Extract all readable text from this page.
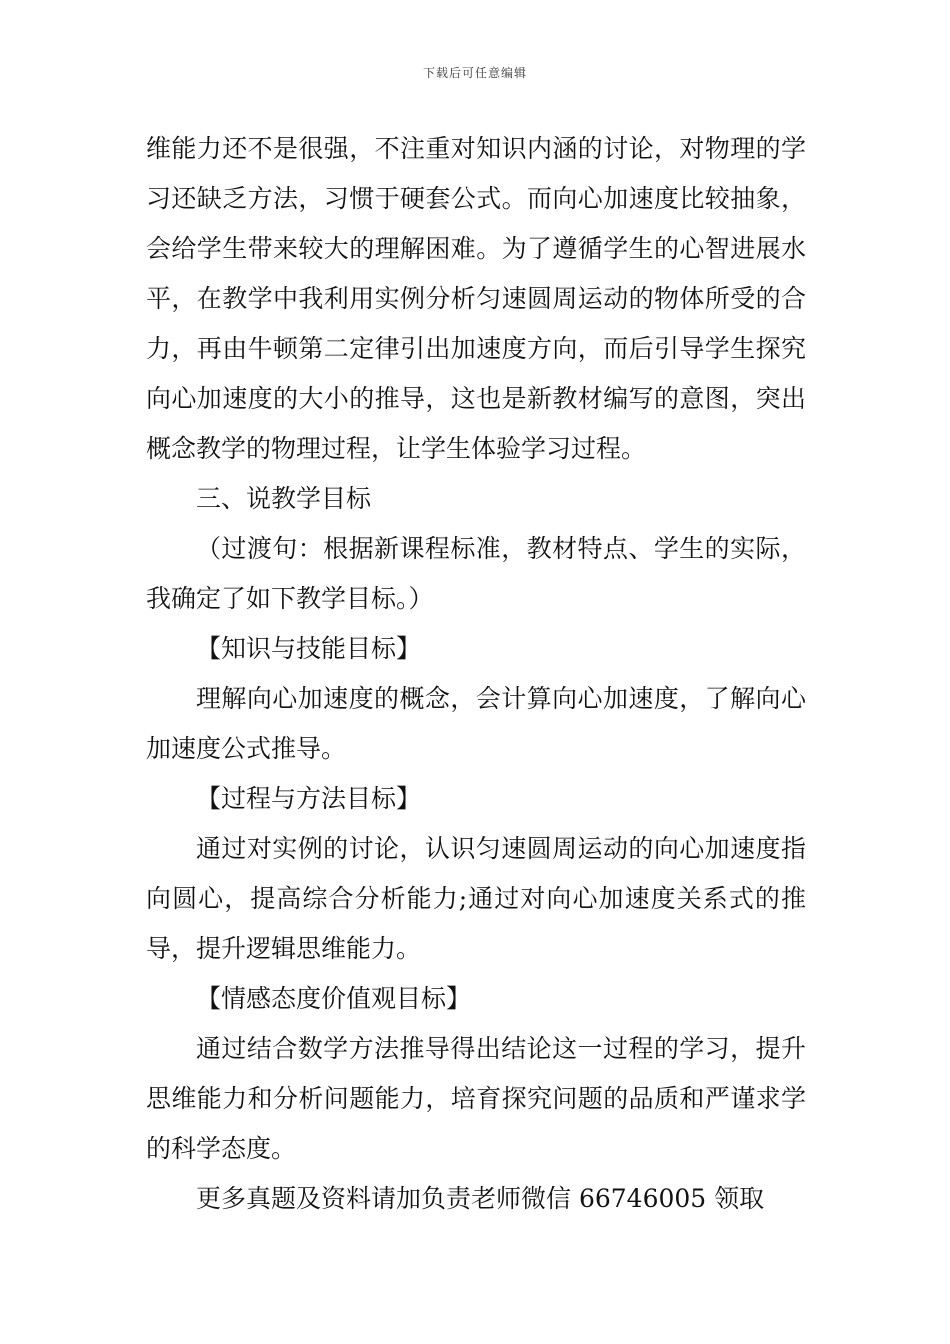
下载后可任意编辑

维能力还不是很强，不注重对知识内涵的讨论，对物理的学习还缺乏方法，习惯于硬套公式。而向心加速度比较抽象，会给学生带来较大的理解困难。为了遵循学生的心智进展水平，在教学中我利用实例分析匀速圆周运动的物体所受的合力，再由牛顿第二定律引出加速度方向，而后引导学生探究向心加速度的大小的推导，这也是新教材编写的意图，突出概念教学的物理过程，让学生体验学习过程。

三、说教学目标

（过渡句：根据新课程标准，教材特点、学生的实际，我确定了如下教学目标。）

【知识与技能目标】

理解向心加速度的概念，会计算向心加速度，了解向心加速度公式推导。

【过程与方法目标】

通过对实例的讨论，认识匀速圆周运动的向心加速度指向圆心，提高综合分析能力;通过对向心加速度关系式的推导，提升逻辑思维能力。

【情感态度价值观目标】

通过结合数学方法推导得出结论这一过程的学习，提升思维能力和分析问题能力，培育探究问题的品质和严谨求学的科学态度。

更多真题及资料请加负责老师微信 66746005 领取
